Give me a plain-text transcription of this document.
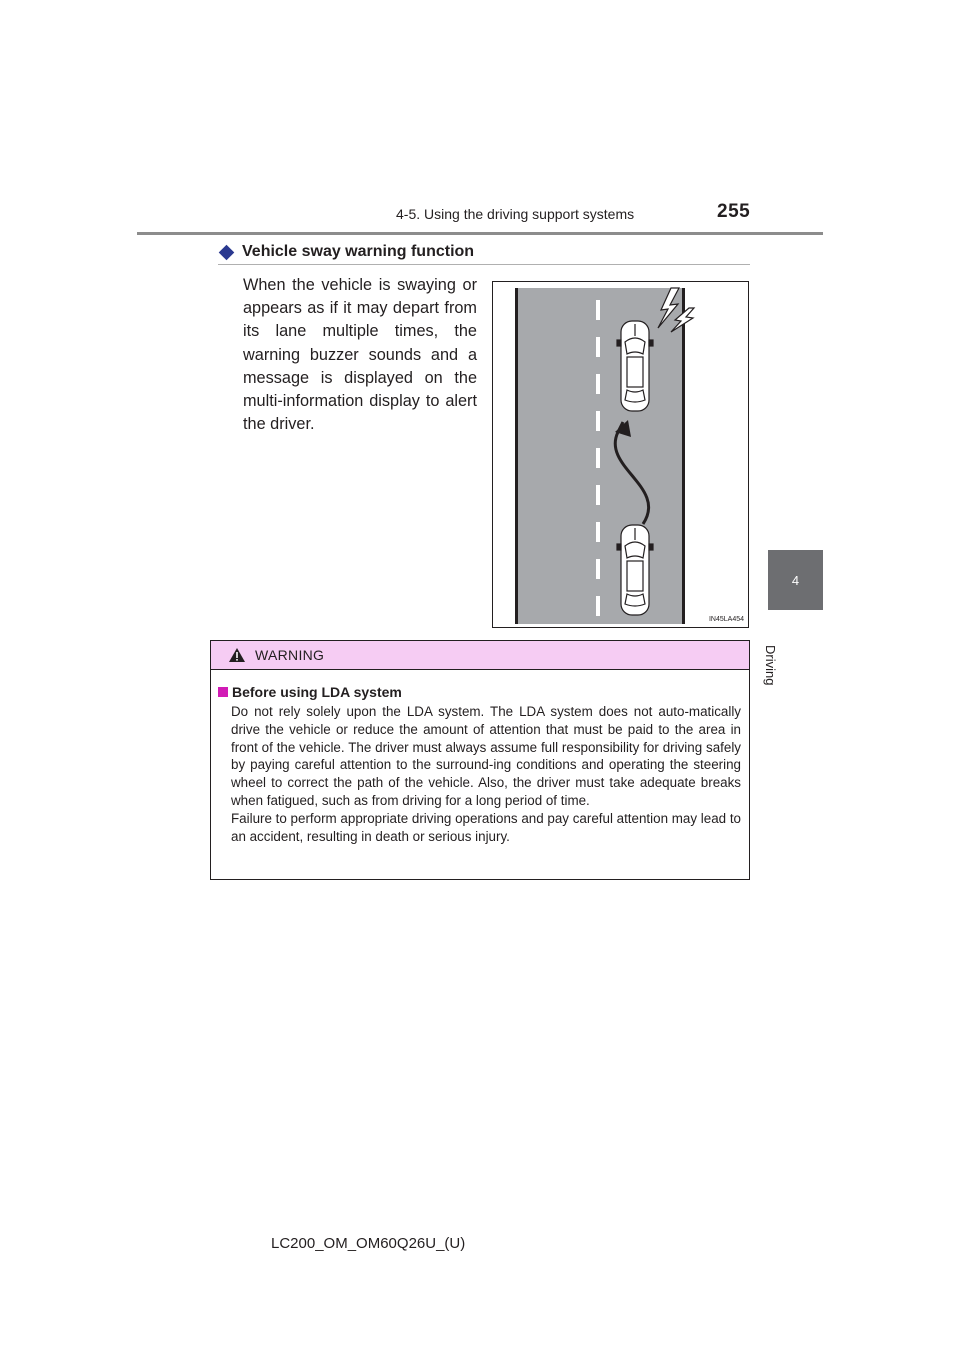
4-5. Using the driving support systems	255
4
Driving
Vehicle sway warning function
When the vehicle is swaying or appears as if it may depart from its lane multiple times, the warning buzzer sounds and a message is displayed on the multi-information display to alert the driver.
IN45LA454
WARNING
Before using LDA system

Do not rely solely upon the LDA system. The LDA system does not auto-matically drive the vehicle or reduce the amount of attention that must be paid to the area in front of the vehicle. The driver must always assume full responsibility for driving safely by paying careful attention to the surround-ing conditions and operating the steering wheel to correct the path of the vehicle. Also, the driver must take adequate breaks when fatigued, such as from driving for a long period of time.

Failure to perform appropriate driving operations and pay careful attention may lead to an accident, resulting in death or serious injury.

LC200_OM_OM60Q26U_(U)
